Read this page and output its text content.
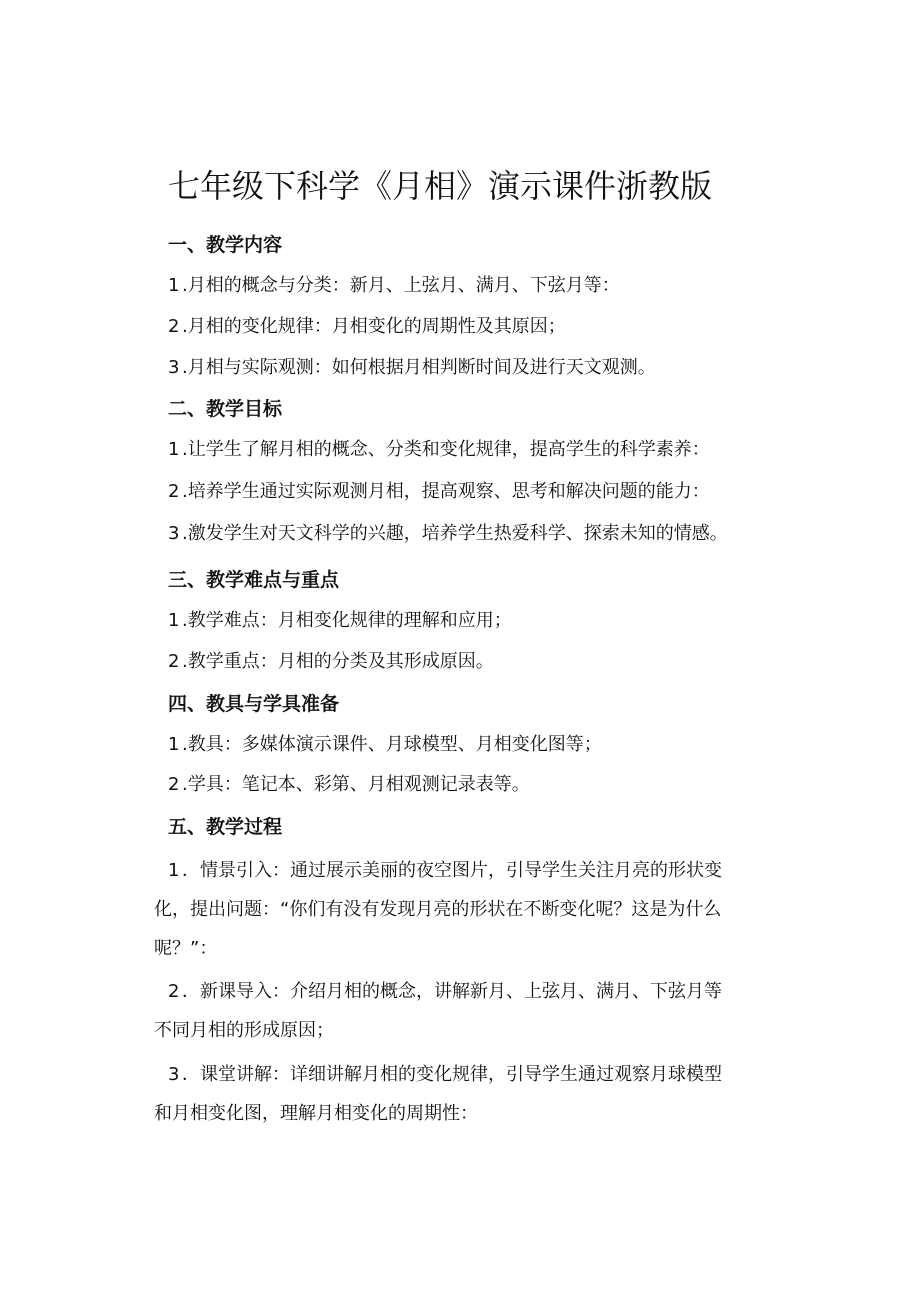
七年级下科学《月相》演示课件浙教版
一、教学内容
1 .月相的概念与分类：新月、上弦月、满月、下弦月等：
2 .月相的变化规律：月相变化的周期性及其原因；
3 .月相与实际观测：如何根据月相判断时间及进行天文观测。
二、教学目标
1 .让学生了解月相的概念、分类和变化规律，提高学生的科学素养：
2 .培养学生通过实际观测月相，提高观察、思考和解决问题的能力：
3 .激发学生对天文科学的兴趣，培养学生热爱科学、探索未知的情感。
三、教学难点与重点
1 .教学难点：月相变化规律的理解和应用；
2 .教学重点：月相的分类及其形成原因。
四、教具与学具准备
1 .教具：多媒体演示课件、月球模型、月相变化图等；
2 .学具：笔记本、彩第、月相观测记录表等。
五、教学过程
1 ．情景引入：通过展示美丽的夜空图片，引导学生关注月亮的形状变
化，提出问题：“你们有没有发现月亮的形状在不断变化呢？这是为什么
呢？”：
2 ．新课导入：介绍月相的概念，讲解新月、上弦月、满月、下弦月等
不同月相的形成原因；
3 ．课堂讲解：详细讲解月相的变化规律，引导学生通过观察月球模型
和月相变化图，理解月相变化的周期性：
